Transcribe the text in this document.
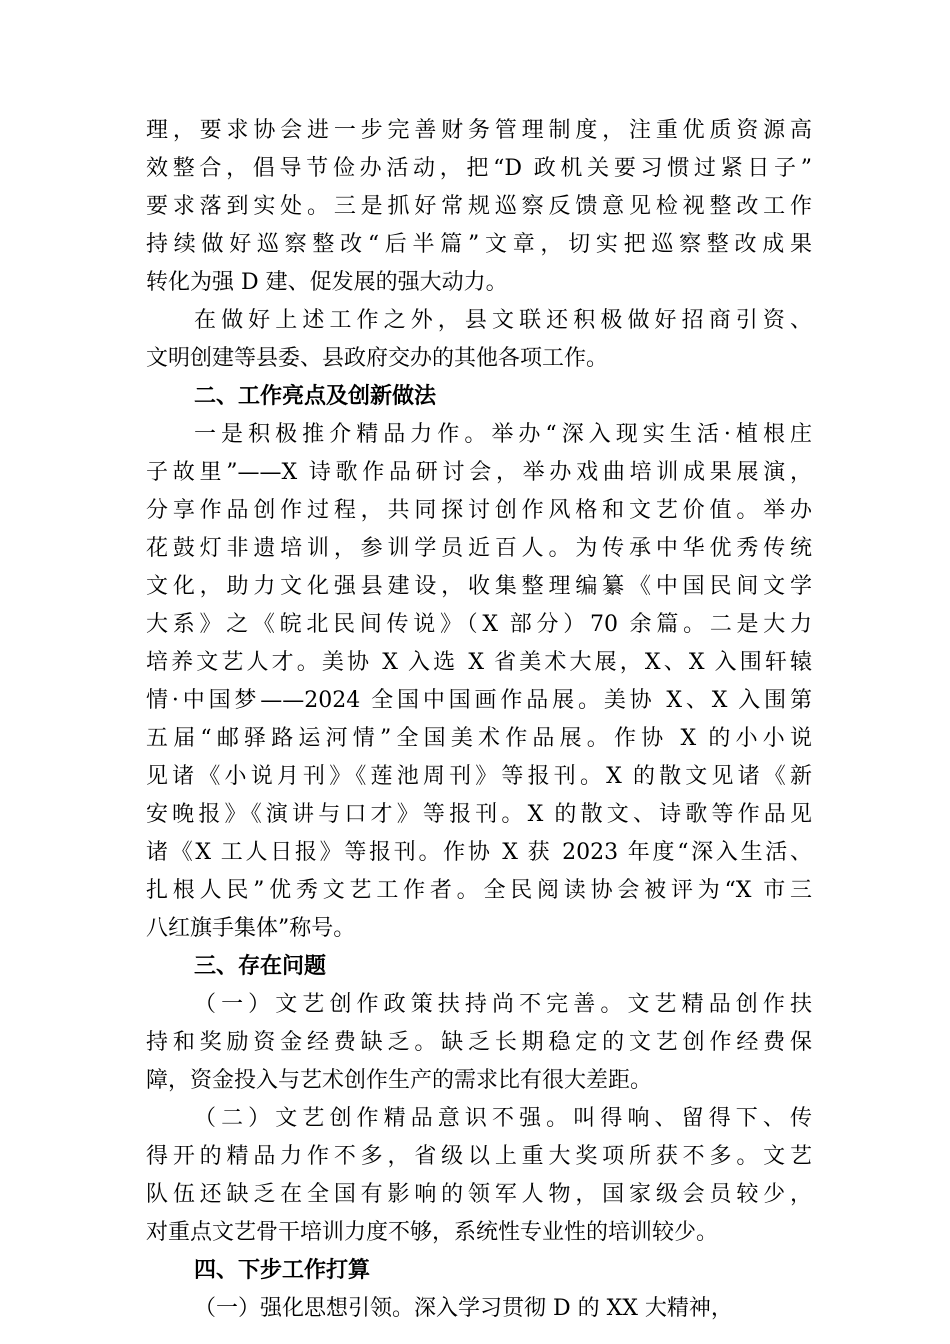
理，要求协会进一步完善财务管理制度，注重优质资源高
效整合，倡导节俭办活动，把“D 政机关要习惯过紧日子”
要求落到实处。三是抓好常规巡察反馈意见检视整改工作
持续做好巡察整改“后半篇”文章，切实把巡察整改成果
转化为强 D 建、促发展的强大动力。
在做好上述工作之外，县文联还积极做好招商引资、
文明创建等县委、县政府交办的其他各项工作。
二、工作亮点及创新做法
一是积极推介精品力作。举办“深入现实生活·植根庄
子故里”——X 诗歌作品研讨会，举办戏曲培训成果展演，
分享作品创作过程，共同探讨创作风格和文艺价值。举办
花鼓灯非遗培训，参训学员近百人。为传承中华优秀传统
文化，助力文化强县建设，收集整理编纂《中国民间文学
大系》之《皖北民间传说》（X 部分）70 余篇。二是大力
培养文艺人才。美协 X 入选 X 省美术大展，X、X 入围轩辕
情·中国梦——2024 全国中国画作品展。美协 X、X 入围第
五届“邮驿路运河情”全国美术作品展。作协 X 的小小说
见诸《小说月刊》《莲池周刊》等报刊。X 的散文见诸《新
安晚报》《演讲与口才》等报刊。X 的散文、诗歌等作品见
诸《X 工人日报》等报刊。作协 X 获 2023 年度“深入生活、
扎根人民”优秀文艺工作者。全民阅读协会被评为“X 市三
八红旗手集体”称号。
三、存在问题
（一）文艺创作政策扶持尚不完善。文艺精品创作扶
持和奖励资金经费缺乏。缺乏长期稳定的文艺创作经费保
障，资金投入与艺术创作生产的需求比有很大差距。
（二）文艺创作精品意识不强。叫得响、留得下、传
得开的精品力作不多，省级以上重大奖项所获不多。文艺
队伍还缺乏在全国有影响的领军人物，国家级会员较少，
对重点文艺骨干培训力度不够，系统性专业性的培训较少。
四、下步工作打算
（一）强化思想引领。深入学习贯彻 D 的 XX 大精神，
